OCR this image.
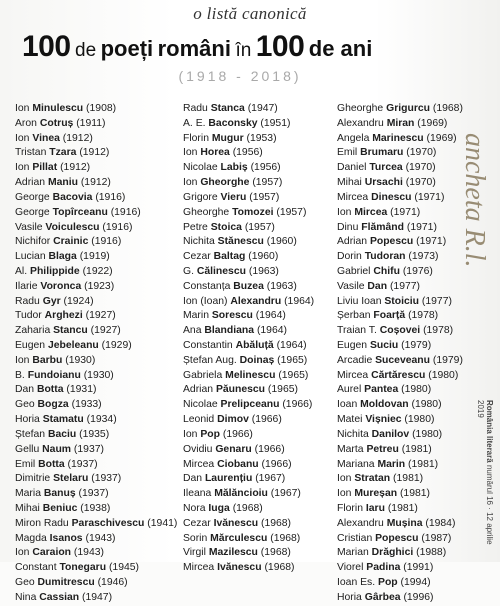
o listă canonică
100 de poeți români în 100 de ani
(1918 - 2018)
Ion Minulescu (1908)
Aron Cotruș (1911)
Ion Vinea (1912)
Tristan Tzara (1912)
Ion Pillat (1912)
Adrian Maniu (1912)
George Bacovia (1916)
George Topîrceanu (1916)
Vasile Voiculescu (1916)
Nichifor Crainic (1916)
Lucian Blaga (1919)
Al. Philippide (1922)
Ilarie Voronca (1923)
Radu Gyr (1924)
Tudor Arghezi (1927)
Zaharia Stancu (1927)
Eugen Jebeleanu (1929)
Ion Barbu (1930)
B. Fundoianu (1930)
Dan Botta (1931)
Geo Bogza (1933)
Horia Stamatu (1934)
Ștefan Baciu (1935)
Gellu Naum (1937)
Emil Botta (1937)
Dimitrie Stelaru (1937)
Maria Banuș (1937)
Mihai Beniuc (1938)
Miron Radu Paraschivescu (1941)
Magda Isanos (1943)
Ion Caraion (1943)
Constant Tonegaru (1945)
Geo Dumitrescu (1946)
Nina Cassian (1947)
Radu Stanca (1947)
A. E. Baconsky (1951)
Florin Mugur (1953)
Ion Horea (1956)
Nicolae Labiș (1956)
Ion Gheorghe (1957)
Grigore Vieru (1957)
Gheorghe Tomozei (1957)
Petre Stoica (1957)
Nichita Stănescu (1960)
Cezar Baltag (1960)
G. Călinescu (1963)
Constanța Buzea (1963)
Ion (Ioan) Alexandru (1964)
Marin Sorescu (1964)
Ana Blandiana (1964)
Constantin Abăluță (1964)
Ștefan Aug. Doinaș (1965)
Gabriela Melinescu (1965)
Adrian Păunescu (1965)
Nicolae Prelipceanu (1966)
Leonid Dimov (1966)
Ion Pop (1966)
Ovidiu Genaru (1966)
Mircea Ciobanu (1966)
Dan Laurențiu (1967)
Ileana Mălăncioiu (1967)
Nora Iuga (1968)
Cezar Ivănescu (1968)
Sorin Mărculescu (1968)
Virgil Mazilescu (1968)
Mircea Ivănescu (1968)
Gheorghe Grigurcu (1968)
Alexandru Miran (1969)
Angela Marinescu (1969)
Emil Brumaru (1970)
Daniel Turcea (1970)
Mihai Ursachi (1970)
Mircea Dinescu (1971)
Ion Mircea (1971)
Dinu Flămând (1971)
Adrian Popescu (1971)
Dorin Tudoran (1973)
Gabriel Chifu (1976)
Vasile Dan (1977)
Liviu Ioan Stoiciu (1977)
Șerban Foarță (1978)
Traian T. Coșovei (1978)
Eugen Suciu (1979)
Arcadie Suceveanu (1979)
Mircea Cărtărescu (1980)
Aurel Pantea (1980)
Ioan Moldovan (1980)
Matei Vișniec (1980)
Nichita Danilov (1980)
Marta Petreu (1981)
Mariana Marin (1981)
Ion Stratan (1981)
Ion Mureșan (1981)
Florin Iaru (1981)
Alexandru Mușina (1984)
Cristian Popescu (1987)
Marian Drăghici (1988)
Viorel Padina (1991)
Ioan Es. Pop (1994)
Horia Gârbea (1996)
ancheta R.l.
România literară numărul 16 · 12 aprilie 2019
